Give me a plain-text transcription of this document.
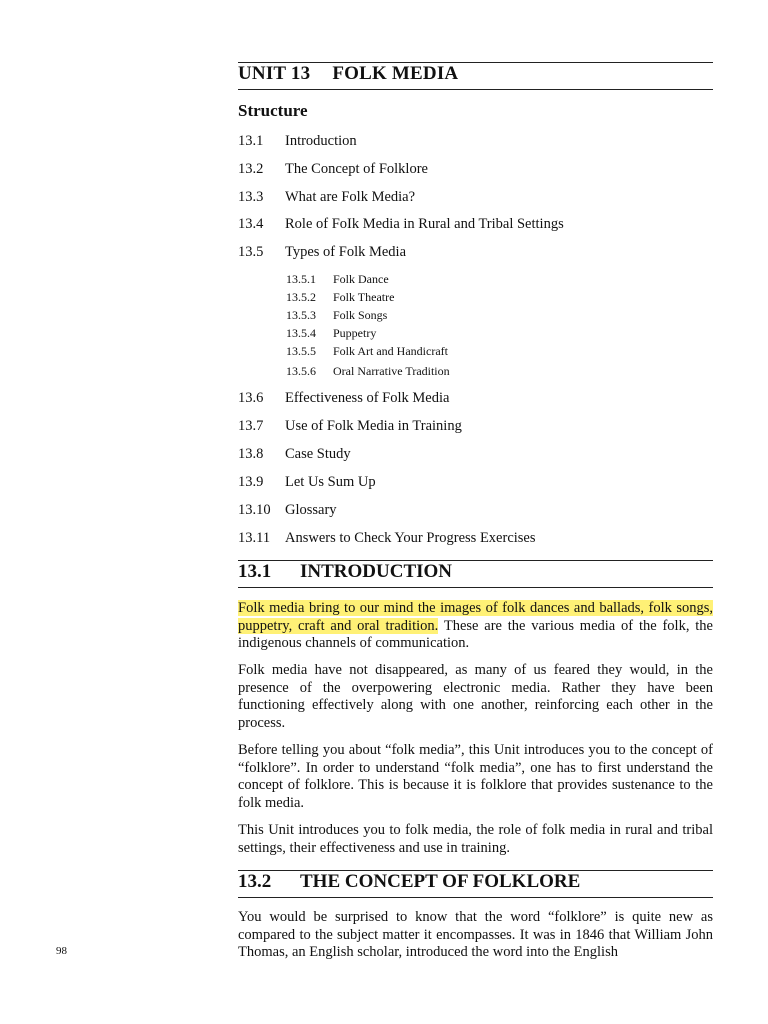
UNIT 13 FOLK MEDIA
Structure
13.1 Introduction
13.2 The Concept of Folklore
13.3 What are Folk Media?
13.4 Role of FoIk Media in Rural and Tribal Settings
13.5 Types of Folk Media
13.5.1 Folk Dance
13.5.2 Folk Theatre
13.5.3 Folk Songs
13.5.4 Puppetry
13.5.5 Folk Art and Handicraft
13.5.6 Oral Narrative Tradition
13.6 Effectiveness of Folk Media
13.7 Use of Folk Media in Training
13.8 Case Study
13.9 Let Us Sum Up
13.10 Glossary
13.11 Answers to Check Your Progress Exercises
13.1 INTRODUCTION
Folk media bring to our mind the images of folk dances and ballads, folk songs, puppetry, craft and oral tradition. These are the various media of the folk, the indigenous channels of communication.
Folk media have not disappeared, as many of us feared they would, in the presence of the overpowering electronic media. Rather they have been functioning effectively along with one another, reinforcing each other in the process.
Before telling you about “folk media”, this Unit introduces you to the concept of “folklore”. In order to understand “folk media”, one has to first understand the concept of folklore. This is because it is folklore that provides sustenance to the folk media.
This Unit introduces you to folk media, the role of folk media in rural and tribal settings, their effectiveness and use in training.
13.2 THE CONCEPT OF FOLKLORE
You would be surprised to know that the word “folklore” is quite new as compared to the subject matter it encompasses. It was in 1846 that William John Thomas, an English scholar, introduced the word into the English
98
